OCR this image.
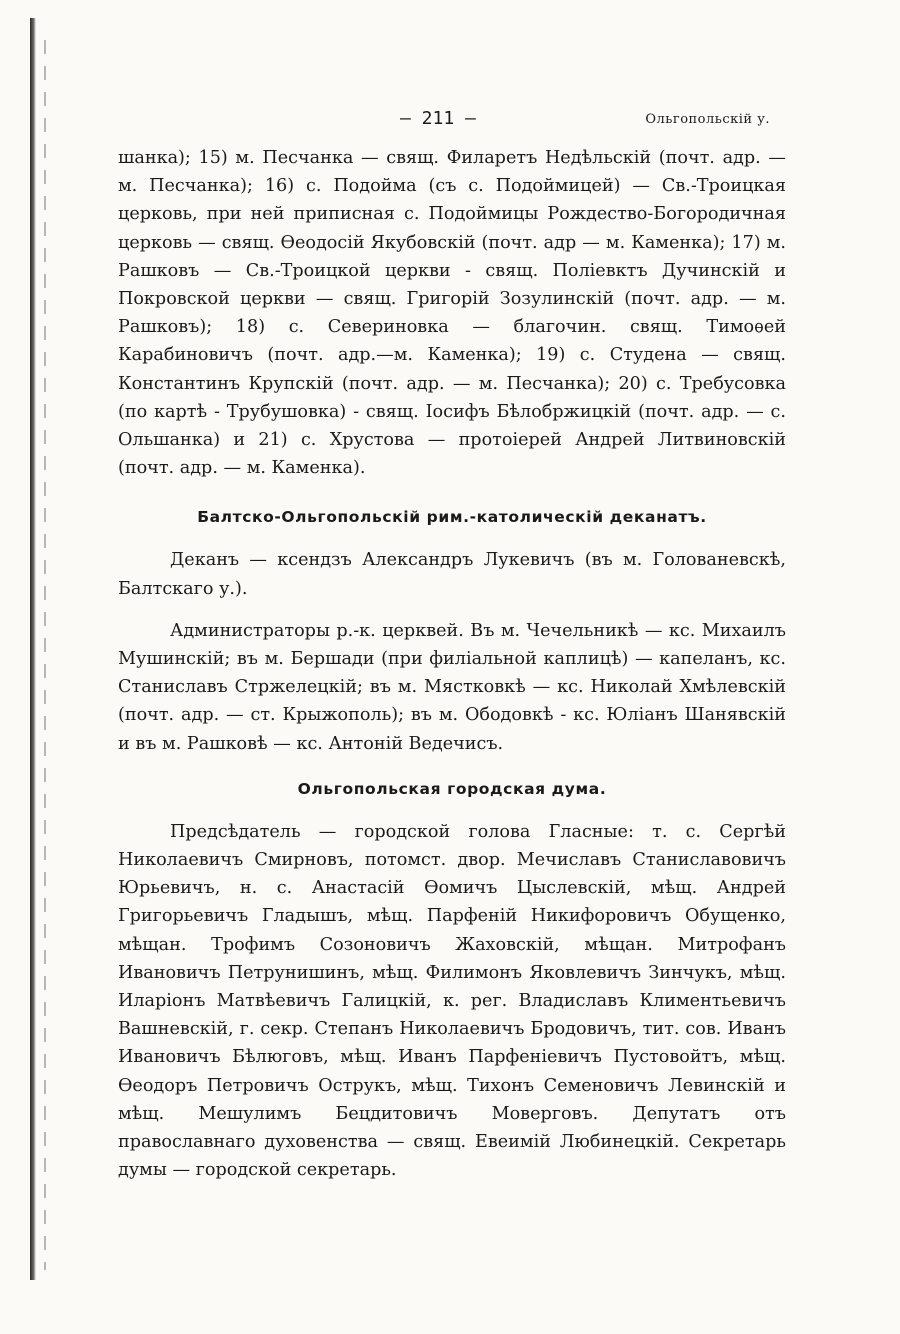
— 211 —	Ольгопольскій у.

шанка); 15) м. Песчанка — свящ. Филаретъ Недѣльскій (почт. адр. — м. Песчанка); 16) с. Подойма (съ с. Подоймицей) — Св.-Троицкая церковь, при ней приписная с. Подоймицы Рождество-Богородичная церковь — свящ. Өеодосій Якубовскій (почт. адр — м. Каменка); 17) м. Рашковъ — Св.-Троицкой церкви - свящ. Поліевктъ Дучинскій и Покровской церкви — свящ. Григорій Зозулинскій (почт. адр. — м. Рашковъ); 18) с. Севериновка — благочин. свящ. Тимоѳей Карабиновичъ (почт. адр.—м. Каменка); 19) с. Студена — свящ. Константинъ Крупскій (почт. адр. — м. Песчанка); 20) с. Требусовка (по картѣ - Трубушовка) - свящ. Іосифъ Бѣлобржицкій (почт. адр. — с. Ольшанка) и 21) с. Хрустова — протоіерей Андрей Литвиновскій (почт. адр. — м. Каменка).

Балтско-Ольгопольскій рим.-католическій деканатъ.

Деканъ — ксендзъ Александръ Лукевичъ (въ м. Голованевскѣ, Балтскаго у.).

Администраторы р.-к. церквей. Въ м. Чечельникѣ — кс. Михаилъ Мушинскій; въ м. Бершади (при филіальной каплицѣ) — капеланъ, кс. Станиславъ Стржелецкій; въ м. Мястковкѣ — кс. Николай Хмѣлевскій (почт. адр. — ст. Крыжополь); въ м. Ободовкѣ - кс. Юліанъ Шанявскій и въ м. Рашковѣ — кс. Антоній Ведечисъ.

Ольгопольская городская дума.

Предсѣдатель — городской голова Гласные: т. с. Сергѣй Николаевичъ Смирновъ, потомст. двор. Мечиславъ Станиславовичъ Юрьевичъ, н. с. Анастасій Өомичъ Цыслевскій, мѣщ. Андрей Григорьевичъ Гладышъ, мѣщ. Парфеній Никифоровичъ Обущенко, мѣщан. Трофимъ Созоновичъ Жаховскій, мѣщан. Митрофанъ Ивановичъ Петрунишинъ, мѣщ. Филимонъ Яковлевичъ Зинчукъ, мѣщ. Иларіонъ Матвѣевичъ Галицкій, к. рег. Владиславъ Климентьевичъ Вашневскій, г. секр. Степанъ Николаевичъ Бродовичъ, тит. сов. Иванъ Ивановичъ Бѣлюговъ, мѣщ. Иванъ Парфеніевичъ Пустовойтъ, мѣщ. Өеодоръ Петровичъ Острукъ, мѣщ. Тихонъ Семеновичъ Левинскій и мѣщ. Мешулимъ Бецдитовичъ Моверговъ. Депутатъ отъ православнаго духовенства — свящ. Евеимій Любинецкій. Секретарь думы — городской секретарь.
